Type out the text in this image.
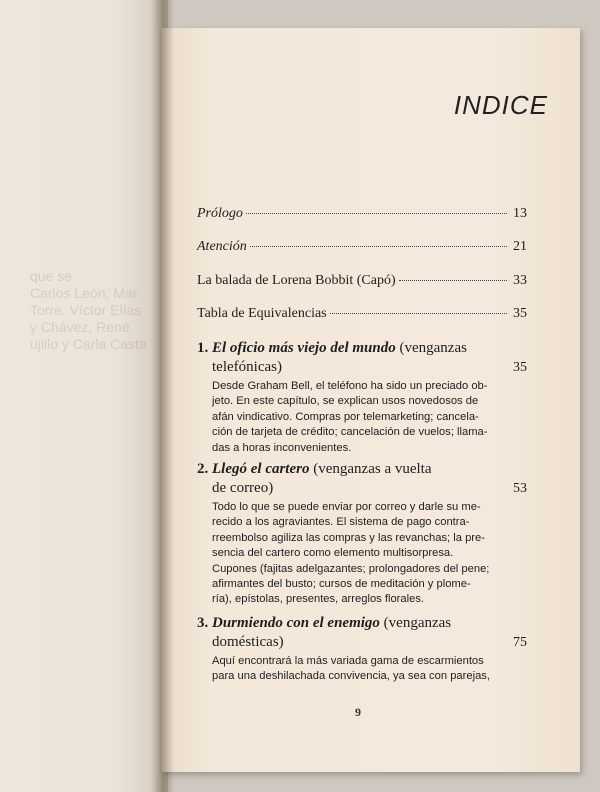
que se
Carlos León, Mar
Torre, Víctor Elías
y Chávez, René
ujillo y Carla Casta
INDICE
Prólogo	13
Atención	21
La balada de Lorena Bobbit (Capó)	33
Tabla de Equivalencias	35
1. El oficio más viejo del mundo (venganzas
telefónicas)	35
Desde Graham Bell, el teléfono ha sido un preciado ob-
jeto. En este capítulo, se explican usos novedosos de
afán vindicativo. Compras por telemarketing; cancela-
ción de tarjeta de crédito; cancelación de vuelos; llama-
das a horas inconvenientes.
2. Llegó el cartero (venganzas a vuelta
de correo)	53
Todo lo que se puede enviar por correo y darle su me-
recido a los agraviantes. El sistema de pago contra-
rreembolso agiliza las compras y las revanchas; la pre-
sencia del cartero como elemento multisorpresa.
Cupones (fajitas adelgazantes; prolongadores del pene;
afirmantes del busto; cursos de meditación y plome-
ría), epístolas, presentes, arreglos florales.
3. Durmiendo con el enemigo (venganzas
domésticas)	75
Aquí encontrará la más variada gama de escarmientos
para una deshilachada convivencia, ya sea con parejas,
9
